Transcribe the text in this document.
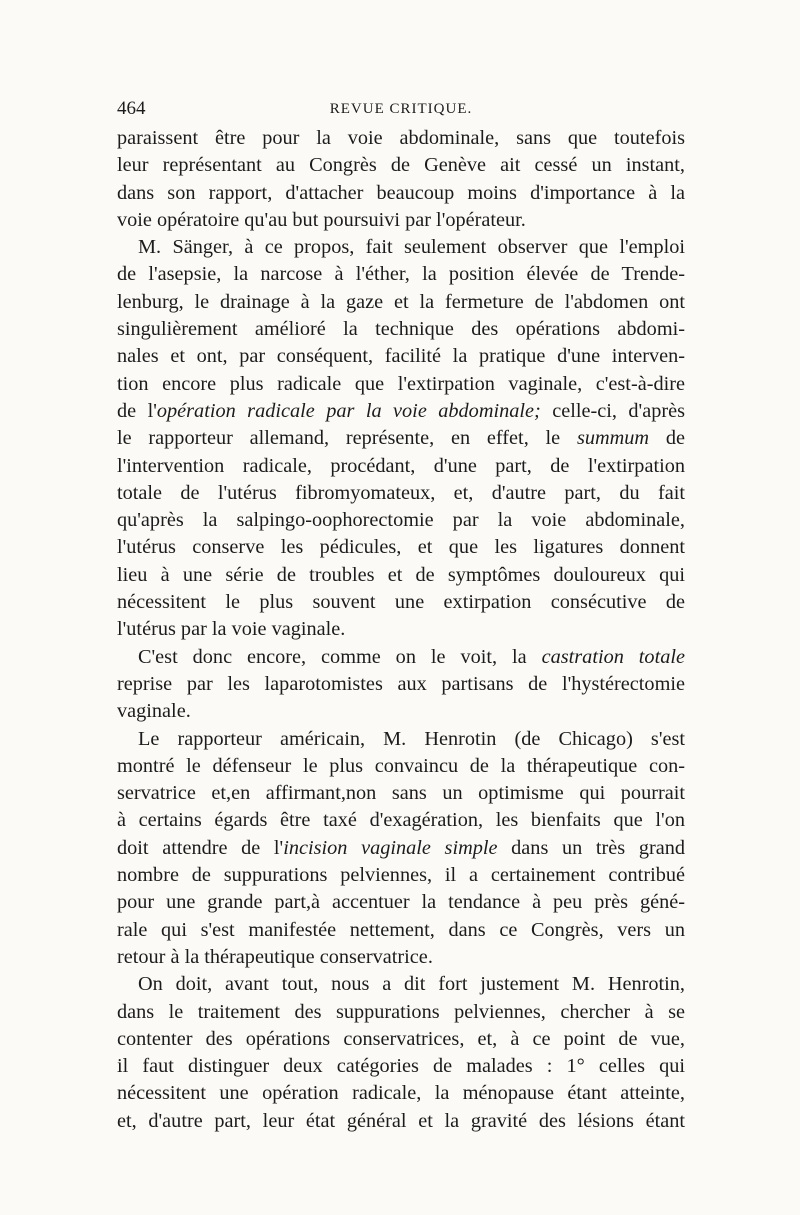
464	REVUE CRITIQUE.
paraissent être pour la voie abdominale, sans que toutefois
leur représentant au Congrès de Genève ait cessé un instant,
dans son rapport, d'attacher beaucoup moins d'importance à la
voie opératoire qu'au but poursuivi par l'opérateur.
M. Sänger, à ce propos, fait seulement observer que l'emploi
de l'asepsie, la narcose à l'éther, la position élevée de Trende-
lenburg, le drainage à la gaze et la fermeture de l'abdomen ont
singulièrement amélioré la technique des opérations abdomi-
nales et ont, par conséquent, facilité la pratique d'une interven-
tion encore plus radicale que l'extirpation vaginale, c'est-à-dire
de l'opération radicale par la voie abdominale; celle-ci, d'après
le rapporteur allemand, représente, en effet, le summum de
l'intervention radicale, procédant, d'une part, de l'extirpation
totale de l'utérus fibromyomateux, et, d'autre part, du fait
qu'après la salpingo-oophorectomie par la voie abdominale,
l'utérus conserve les pédicules, et que les ligatures donnent
lieu à une série de troubles et de symptômes douloureux qui
nécessitent le plus souvent une extirpation consécutive de
l'utérus par la voie vaginale.
C'est donc encore, comme on le voit, la castration totale
reprise par les laparotomistes aux partisans de l'hystérectomie
vaginale.
Le rapporteur américain, M. Henrotin (de Chicago) s'est
montré le défenseur le plus convaincu de la thérapeutique con-
servatrice et,en affirmant,non sans un optimisme qui pourrait
à certains égards être taxé d'exagération, les bienfaits que l'on
doit attendre de l'incision vaginale simple dans un très grand
nombre de suppurations pelviennes, il a certainement contribué
pour une grande part,à accentuer la tendance à peu près géné-
rale qui s'est manifestée nettement, dans ce Congrès, vers un
retour à la thérapeutique conservatrice.
On doit, avant tout, nous a dit fort justement M. Henrotin,
dans le traitement des suppurations pelviennes, chercher à se
contenter des opérations conservatrices, et, à ce point de vue,
il faut distinguer deux catégories de malades : 1° celles qui
nécessitent une opération radicale, la ménopause étant atteinte,
et, d'autre part, leur état général et la gravité des lésions étant
